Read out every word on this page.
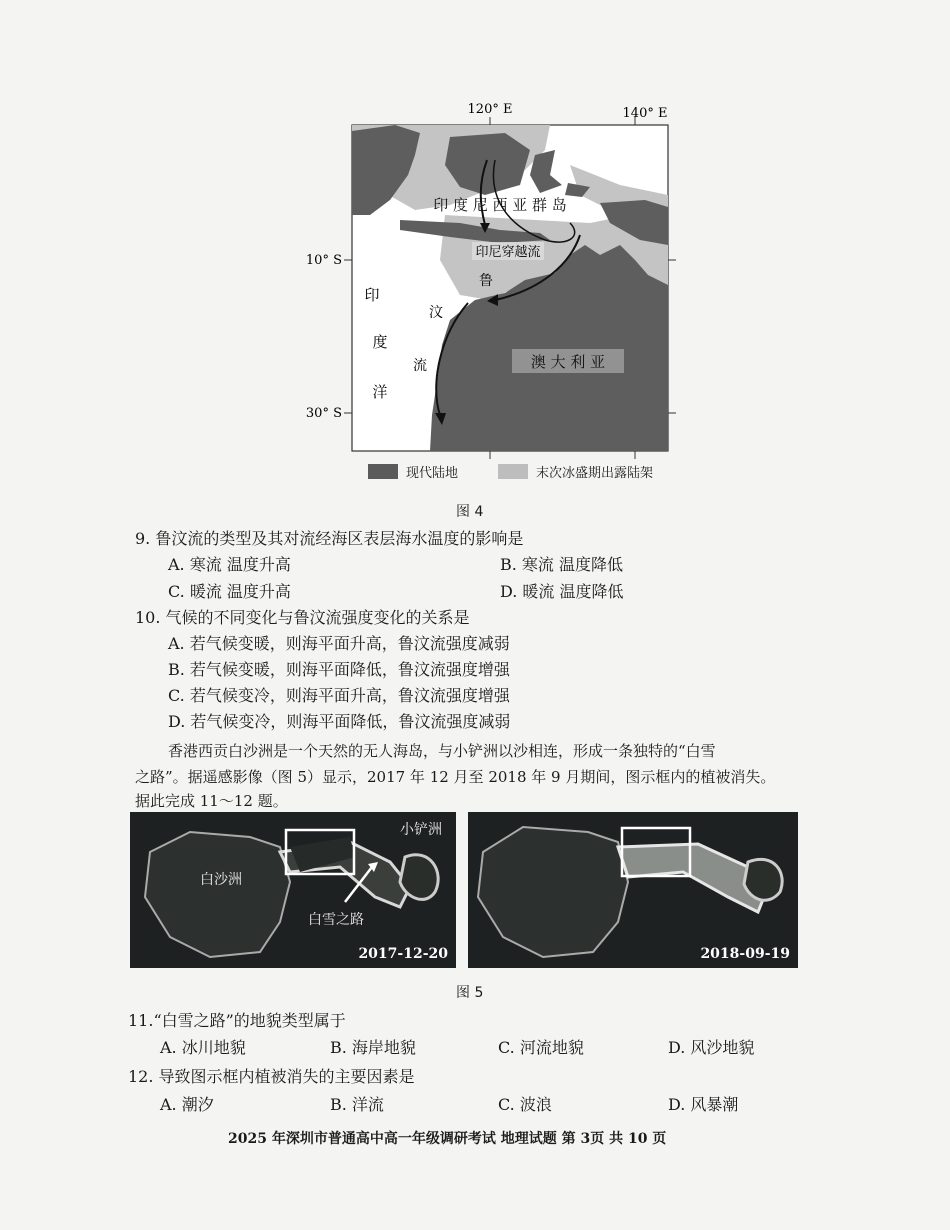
120° E	140° E
10° S
30° S
印 度 尼 西 亚 群 岛
印尼穿越流
鲁
汶
流
印
度
洋
澳 大 利 亚
现代陆地	末次冰盛期出露陆架
图 4
9. 鲁汶流的类型及其对流经海区表层海水温度的影响是
A. 寒流 温度升高	B. 寒流 温度降低
C. 暖流 温度升高	D. 暖流 温度降低
10. 气候的不同变化与鲁汶流强度变化的关系是
A. 若气候变暖，则海平面升高，鲁汶流强度减弱
B. 若气候变暖，则海平面降低，鲁汶流强度增强
C. 若气候变冷，则海平面升高，鲁汶流强度增强
D. 若气候变冷，则海平面降低，鲁汶流强度减弱
香港西贡白沙洲是一个天然的无人海岛，与小铲洲以沙相连，形成一条独特的“白雪
之路”。据遥感影像（图 5）显示，2017 年 12 月至 2018 年 9 月期间，图示框内的植被消失。
据此完成 11～12 题。
白沙洲
小铲洲
白雪之路
2017-12-20	2018-09-19
图 5
11.“白雪之路”的地貌类型属于
A. 冰川地貌	B. 海岸地貌	C. 河流地貌	D. 风沙地貌
12. 导致图示框内植被消失的主要因素是
A. 潮汐	B. 洋流	C. 波浪	D. 风暴潮
2025 年深圳市普通高中高一年级调研考试 地理试题 第 3页 共 10 页
